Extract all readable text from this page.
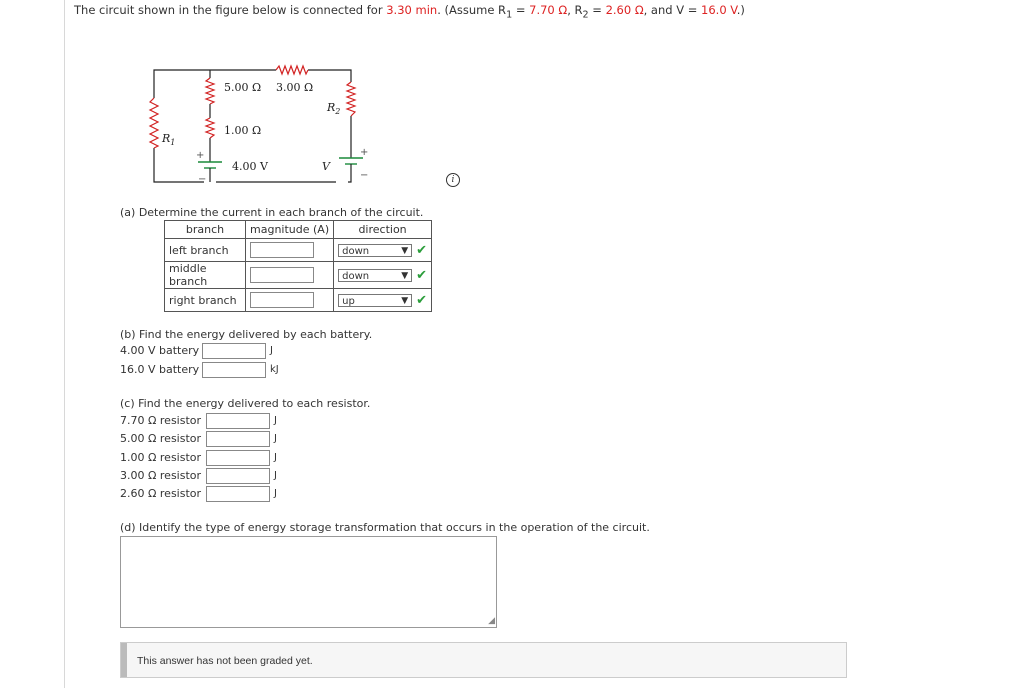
The circuit shown in the figure below is connected for 3.30 min. (Assume $R_1 = 7.70$ Ω, $R_2 = 2.60$ Ω, and V = 16.0 V.)
5.00 Ω 3.00 Ω
1.00 Ω
4.00 V
$R_2$
$R_1$
V
+
−
+
−	i
(a) Determine the current in each branch of the circuit.
branch	magnitude (A)	direction
left branch		down ▼ ✔
middle branch		down ▼ ✔
right branch		up ▼ ✔
(b) Find the energy delivered by each battery.
4.00 V battery	J
16.0 V battery	kJ
(c) Find the energy delivered to each resistor.
7.70 Ω resistor	J
5.00 Ω resistor	J
1.00 Ω resistor	J
3.00 Ω resistor	J
2.60 Ω resistor	J
(d) Identify the type of energy storage transformation that occurs in the operation of the circuit.
◢
This answer has not been graded yet.
